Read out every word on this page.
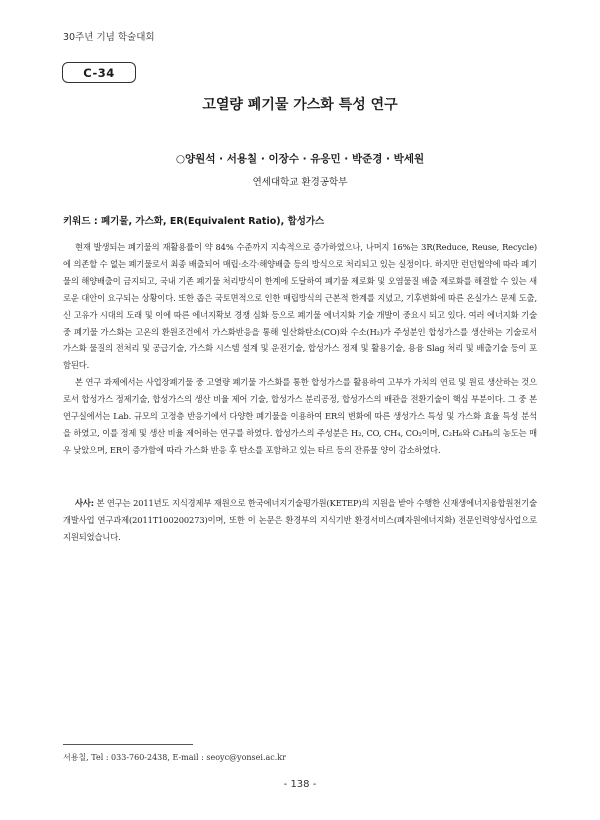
30주년 기념 학술대회
C-34
고열량 폐기물 가스화 특성 연구
○양원석 · 서용칠 · 이장수 · 유응민 · 박준경 · 박세원
연세대학교 환경공학부
키워드 : 폐기물, 가스화, ER(Equivalent Ratio), 합성가스

현재 발생되는 폐기물의 재활용률이 약 84% 수준까지 지속적으로 증가하였으나, 나머지 16%는 3R(Reduce, Reuse, Recycle)에 의존할 수 없는 폐기물로서 최종 배출되어 매립·소각·해양배출 등의 방식으로 처리되고 있는 실정이다. 하지만 런던협약에 따라 폐기물의 해양배출이 금지되고, 국내 기존 폐기물 처리방식이 한계에 도달하여 폐기물 제로화 및 오염물질 배출 제로화를 해결할 수 있는 새로운 대안이 요구되는 상황이다. 또한 좁은 국토면적으로 인한 매립방식의 근본적 한계를 지녔고, 기후변화에 따른 온실가스 문제 도출, 신 고유가 시대의 도래 및 이에 따른 에너지확보 경쟁 심화 등으로 폐기물 에너지화 기술 개발이 중요시 되고 있다. 여러 에너지화 기술 중 폐기물 가스화는 고온의 환원조건에서 가스화반응을 통해 일산화탄소(CO)와 수소(H₂)가 주성분인 합성가스를 생산하는 기술로서 가스화 물질의 전처리 및 공급기술, 가스화 시스템 설계 및 운전기술, 합성가스 정제 및 활용기술, 용융 Slag 처리 및 배출기술 등이 포함된다.

본 연구 과제에서는 사업장폐기물 중 고열량 폐기물 가스화를 통한 합성가스를 활용하여 고부가 가치의 연료 및 원료 생산하는 것으로서 합성가스 정제기술, 합성가스의 생산 비율 제어 기술, 합성가스 분리공정, 합성가스의 배관을 전환기술이 핵심 부분이다. 그 중 본 연구실에서는 Lab. 규모의 고정층 반응기에서 다양한 폐기물을 이용하여 ER의 변화에 따른 생성가스 특성 및 가스화 효율 특성 분석을 하였고, 이를 정제 및 생산 비율 제어하는 연구를 하였다. 합성가스의 주성분은 H₂, CO, CH₄, CO₂이며, C₂H₆와 C₃H₈의 농도는 매우 낮았으며, ER이 증가함에 따라 가스화 반응 후 탄소를 포함하고 있는 타르 등의 잔류물 양이 감소하였다.

사사: 본 연구는 2011년도 지식경제부 재원으로 한국에너지기술평가원(KETEP)의 지원을 받아 수행한 신재생에너지융합원천기술개발사업 연구과제(2011T100200273)이며, 또한 이 논문은 환경부의 지식기반 환경서비스(폐자원에너지화) 전문인력양성사업으로 지원되었습니다.

서용칠, Tel : 033-760-2438, E-mail : seoyc@yonsei.ac.kr
- 138 -
